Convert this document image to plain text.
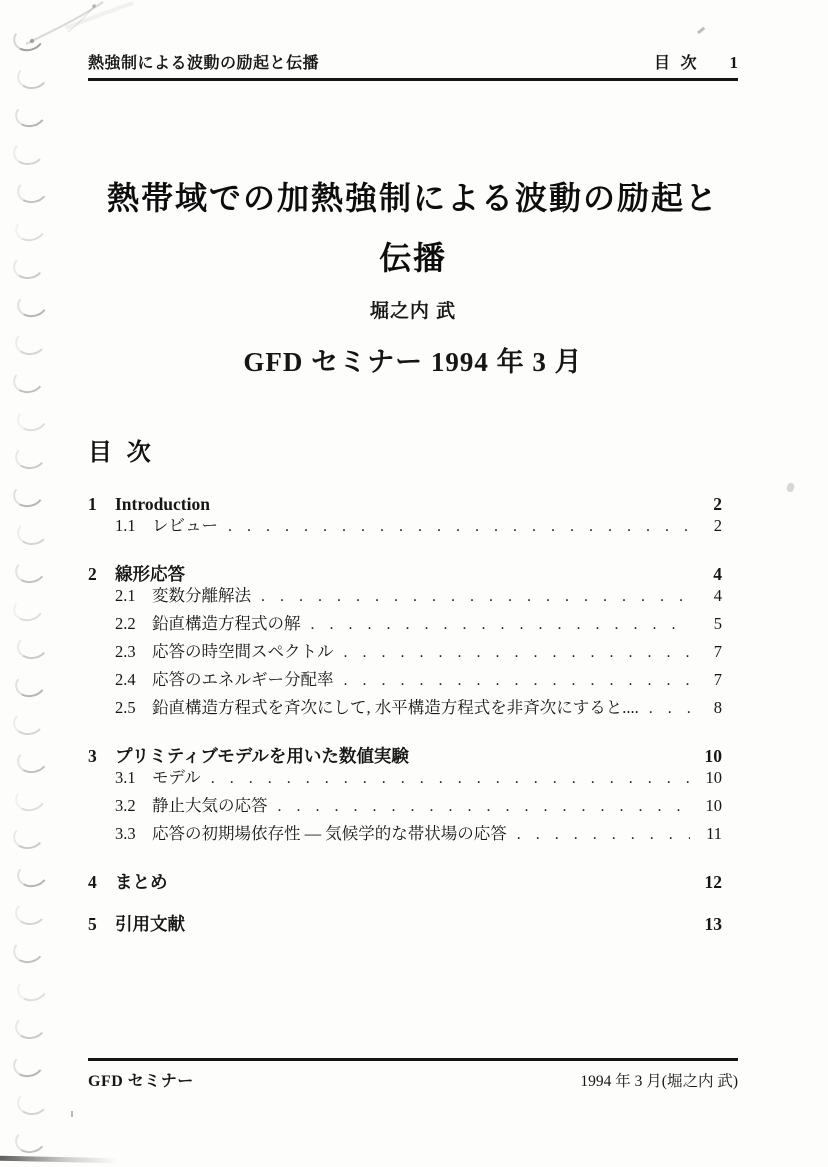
熱強制による波動の励起と伝播	目 次 1
熱帯域での加熱強制による波動の励起と
伝播
堀之内 武
GFD セミナー 1994 年 3 月
目 次
1	Introduction	2
1.1 レビュー . . .	2
2	線形応答	4
2.1 変数分離解法 . . .	4
2.2 鉛直構造方程式の解 . . .	5
2.3 応答の時空間スペクトル . . .	7
2.4 応答のエネルギー分配率 . . .	7
2.5 鉛直構造方程式を斉次にして, 水平構造方程式を非斉次にすると.... . . .	8
3	プリミティブモデルを用いた数値実験	10
3.1 モデル . . .	10
3.2 静止大気の応答 . . .	10
3.3 応答の初期場依存性 — 気候学的な帯状場の応答 . . .	11
4	まとめ	12
5	引用文献	13
GFD セミナー	1994 年 3 月(堀之内 武)
